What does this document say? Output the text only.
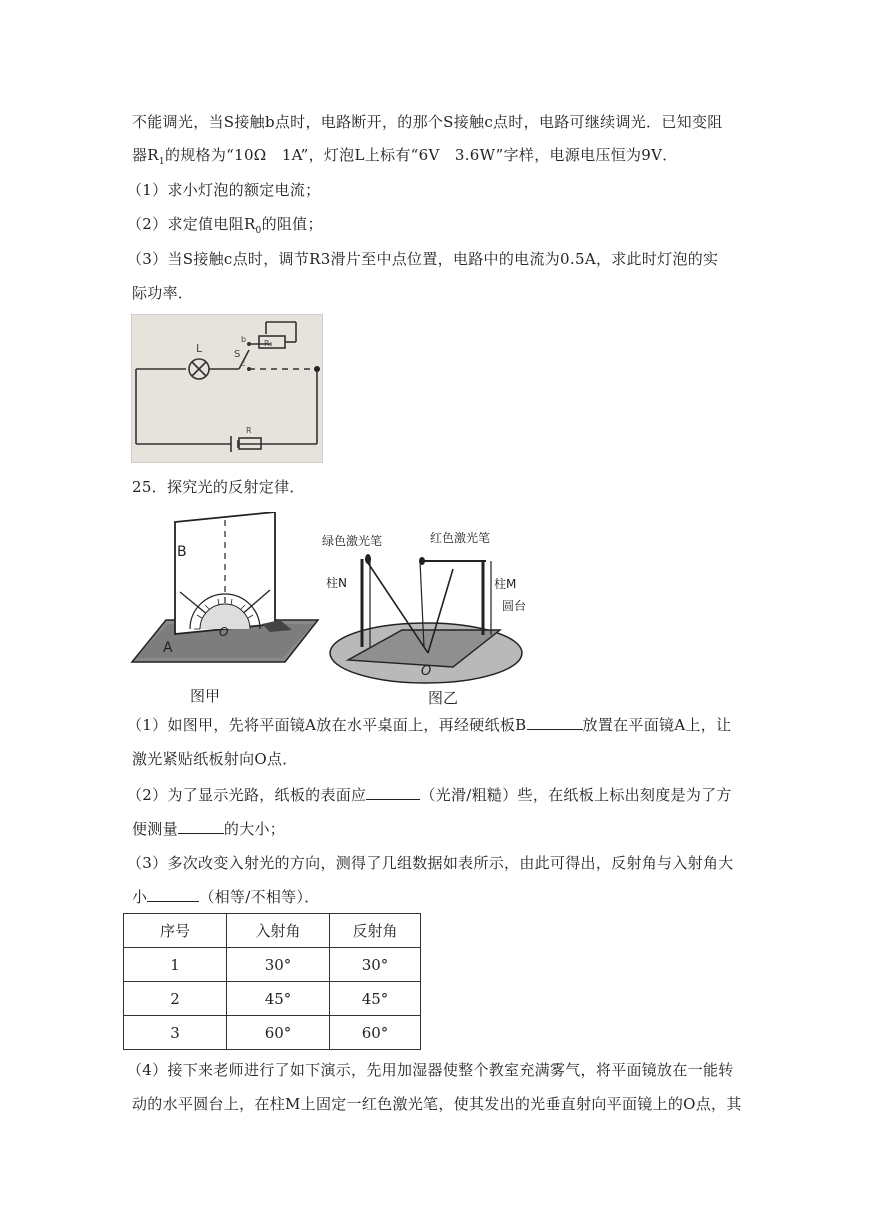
不能调光，当S接触b点时，电路断开，的那个S接触c点时，电路可继续调光．已知变阻
器$R_1$的规格为“10Ω　1A”，灯泡L上标有“6V　3.6W”字样，电源电压恒为9V．
（1）求小灯泡的额定电流；
（2）求定值电阻$R_0$的阻值；
（3）当S接触c点时，调节R3滑片至中点位置，电路中的电流为0.5A，求此时灯泡的实
际功率．
L	S
b
c
R₁
R
25．探究光的反射定律．
B
A
O
图甲
绿色激光笔	红色激光笔
柱N	柱M
圆台
O
图乙
（1）如图甲，先将平面镜A放在水平桌面上，再经硬纸板B	放置在平面镜A上，让
激光紧贴纸板射向O点．
（2）为了显示光路，纸板的表面应	（光滑/粗糙）些，在纸板上标出刻度是为了方
便测量	的大小；
（3）多次改变入射光的方向，测得了几组数据如表所示，由此可得出，反射角与入射角大
小	（相等/不相等）．
序号	入射角	反射角
1	30°	30°
2	45°	45°
3	60°	60°
（4）接下来老师进行了如下演示，先用加湿器使整个教室充满雾气，将平面镜放在一能转
动的水平圆台上，在柱M上固定一红色激光笔，使其发出的光垂直射向平面镜上的O点，其
